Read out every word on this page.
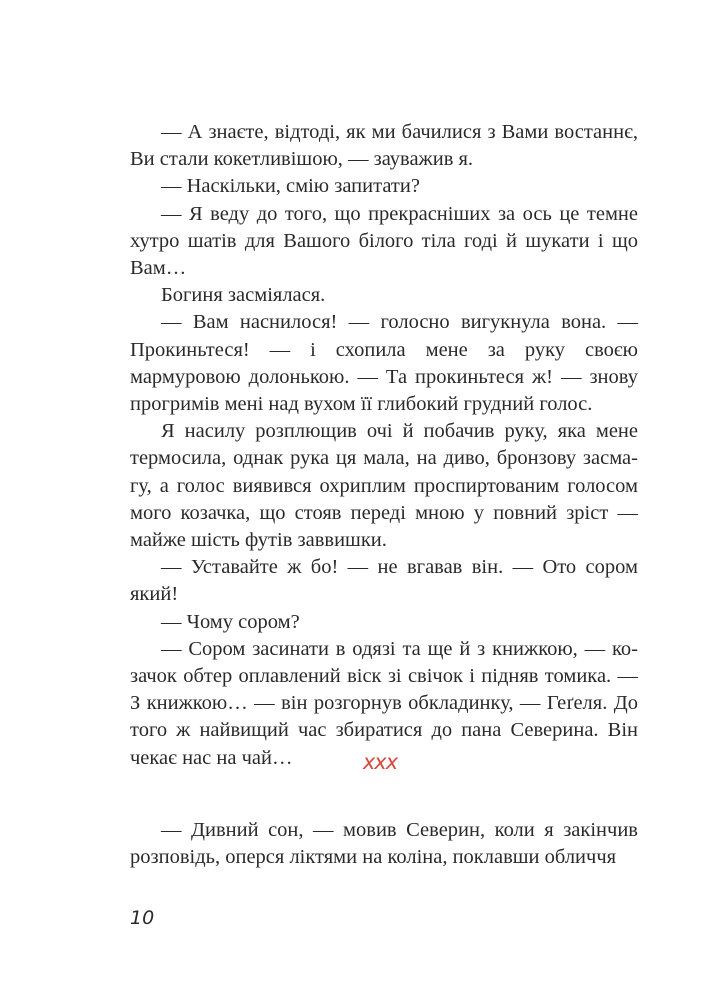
— А знаєте, відтоді, як ми бачилися з Вами востаннє, Ви стали кокетливішою, — зауважив я.

— Наскільки, смію запитати?

— Я веду до того, що прекрасніших за ось це темне хутро шатів для Вашого білого тіла годі й шукати і що Вам…

Богиня засміялася.

— Вам наснилося! — голосно вигукнула вона. — Прокиньтеся! — і схопила мене за руку своєю мармуровою долонькою. — Та прокиньтеся ж! — знову прогримів мені над вухом її глибокий грудний голос.

Я насилу розплющив очі й побачив руку, яка мене термосила, однак рука ця мала, на диво, бронзову засмагу, а голос виявився охриплим проспиртованим голосом мого козачка, що стояв переді мною у повний зріст — майже шість футів заввишки.

— Уставайте ж бо! — не вгавав він. — Ото сором який!

— Чому сором?

— Сором засинати в одязі та ще й з книжкою, — козачок обтер оплавлений віск зі свічок і підняв томика. — З книжкою… — він розгорнув обкладинку, — Геґеля. До того ж найвищий час збиратися до пана Северина. Він чекає нас на чай…	ххх

— Дивний сон, — мовив Северин, коли я закінчив розповідь, оперся ліктями на коліна, поклавши обличчя

10
